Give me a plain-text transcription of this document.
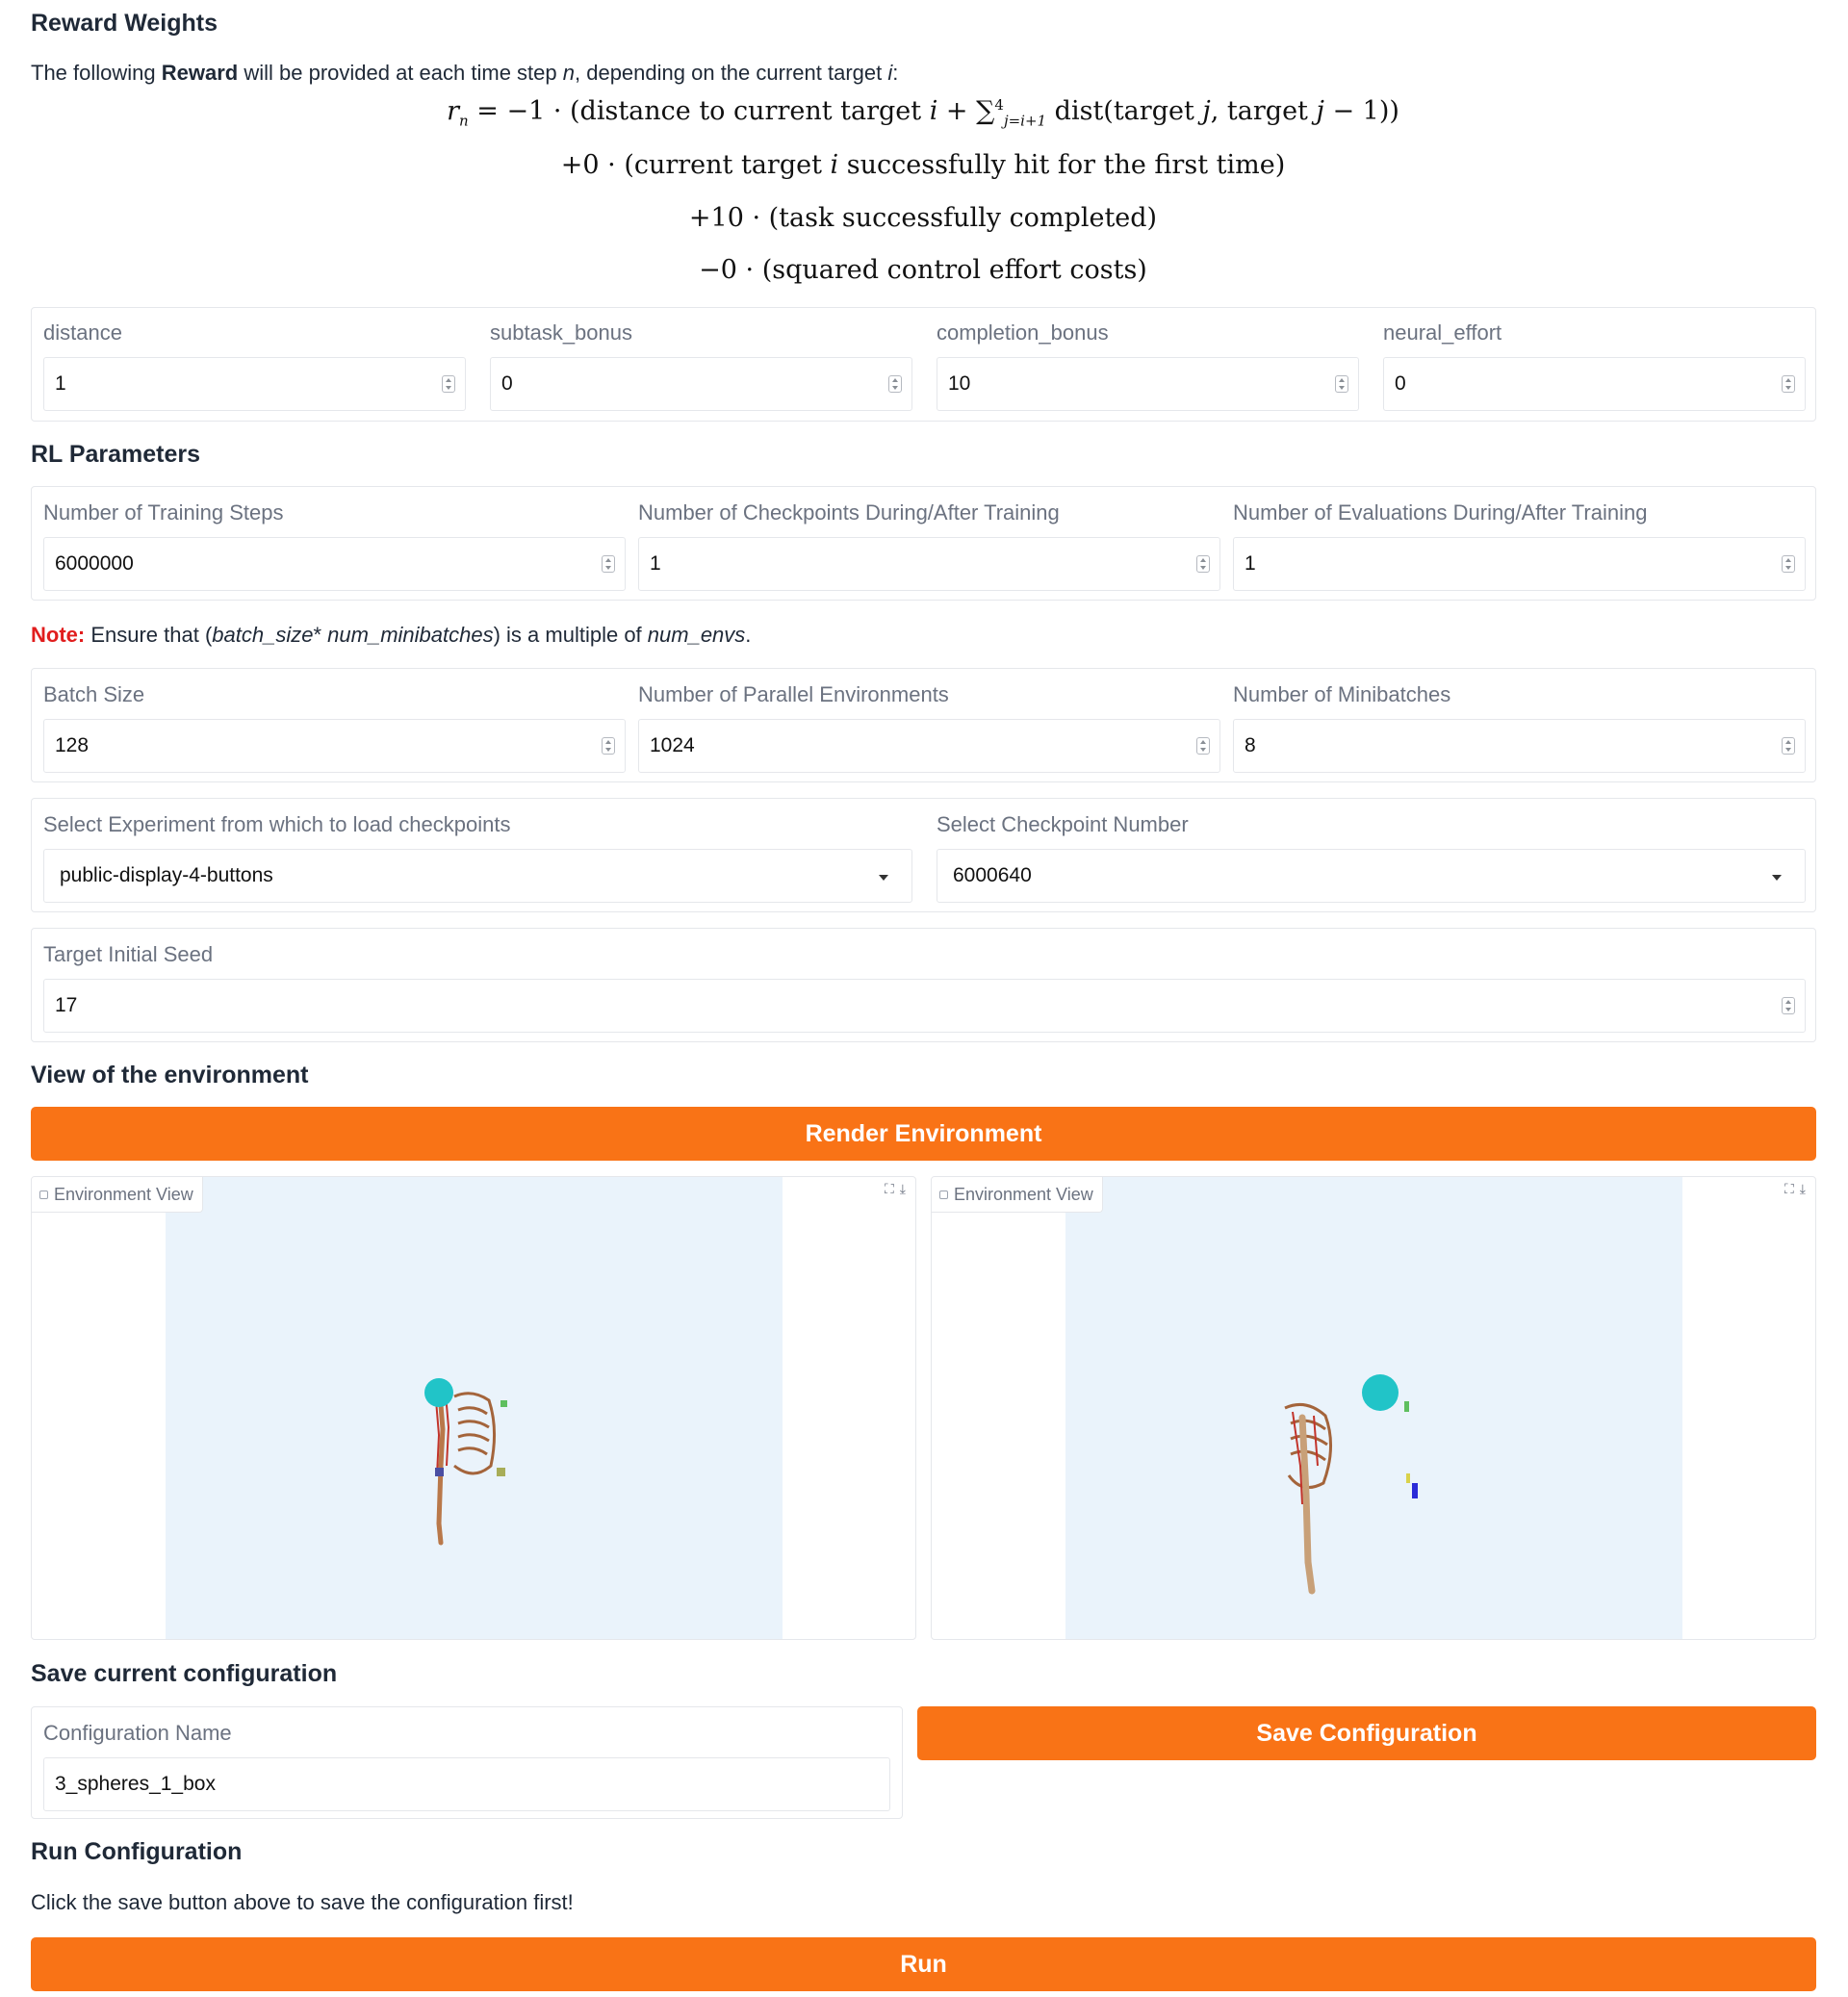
Reward Weights
The following Reward will be provided at each time step n, depending on the current target i:
$r_n = -1$ · (distance to current target i + ∑$^4_{j=i+1}$ dist(target j, target j − 1))
+0 · (current target i successfully hit for the first time)
+10 · (task successfully completed)
−0 · (squared control effort costs)
distance
1
subtask_bonus
0
completion_bonus
10
neural_effort
0
RL Parameters
Number of Training Steps
6000000
Number of Checkpoints During/After Training
1
Number of Evaluations During/After Training
1
Note: Ensure that (batch_size* num_minibatches) is a multiple of num_envs.
Batch Size
128
Number of Parallel Environments
1024
Number of Minibatches
8
Select Experiment from which to load checkpoints
public-display-4-buttons
Select Checkpoint Number
6000640
Target Initial Seed
17
View of the environment
Render Environment
Environment View	⛶⤓	Environment View	⛶⤓
Save current configuration
Configuration Name
3_spheres_1_box
Save Configuration
Run Configuration
Click the save button above to save the configuration first!
Run
